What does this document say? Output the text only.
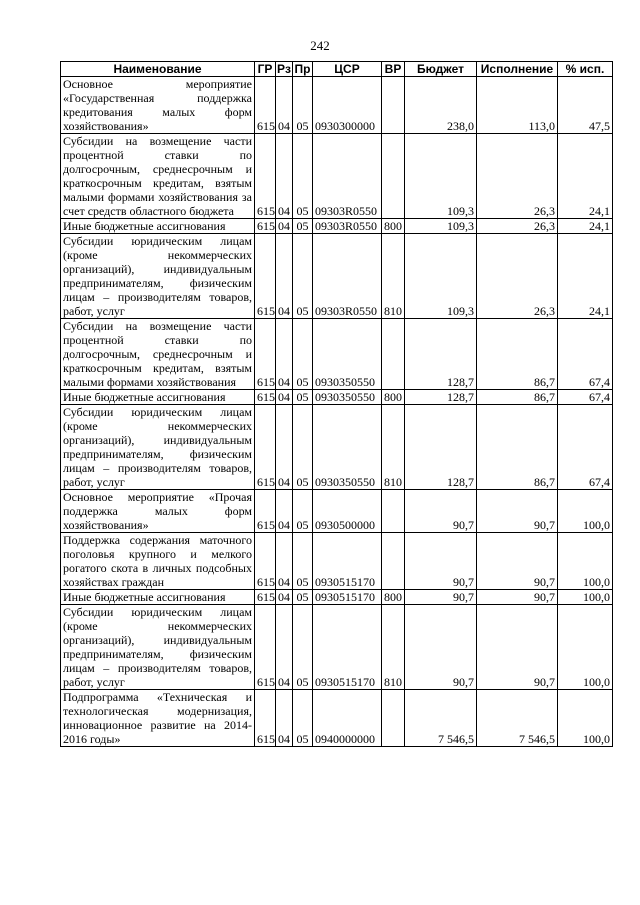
242
Наименование	ГР	Рз	Пр	ЦСР	ВР	Бюджет	Исполнение	% исп.
Основное мероприятие «Государственная поддержка кредитования малых форм хозяйствования»	615	04	05	0930300000		238,0	113,0	47,5
Субсидии на возмещение части процентной ставки по долгосрочным, среднесрочным и краткосрочным кредитам, взятым малыми формами хозяйствования за счет средств областного бюджета	615	04	05	09303R0550		109,3	26,3	24,1
Иные бюджетные ассигнования	615	04	05	09303R0550	800	109,3	26,3	24,1
Субсидии юридическим лицам (кроме некоммерческих организаций), индивидуальным предпринимателям, физическим лицам – производителям товаров, работ, услуг	615	04	05	09303R0550	810	109,3	26,3	24,1
Субсидии на возмещение части процентной ставки по долгосрочным, среднесрочным и краткосрочным кредитам, взятым малыми формами хозяйствования	615	04	05	0930350550		128,7	86,7	67,4
Иные бюджетные ассигнования	615	04	05	0930350550	800	128,7	86,7	67,4
Субсидии юридическим лицам (кроме некоммерческих организаций), индивидуальным предпринимателям, физическим лицам – производителям товаров, работ, услуг	615	04	05	0930350550	810	128,7	86,7	67,4
Основное мероприятие «Прочая поддержка малых форм хозяйствования»	615	04	05	0930500000		90,7	90,7	100,0
Поддержка содержания маточного поголовья крупного и мелкого рогатого скота в личных подсобных хозяйствах граждан	615	04	05	0930515170		90,7	90,7	100,0
Иные бюджетные ассигнования	615	04	05	0930515170	800	90,7	90,7	100,0
Субсидии юридическим лицам (кроме некоммерческих организаций), индивидуальным предпринимателям, физическим лицам – производителям товаров, работ, услуг	615	04	05	0930515170	810	90,7	90,7	100,0
Подпрограмма «Техническая и технологическая модернизация, инновационное развитие на 2014-2016 годы»	615	04	05	0940000000		7 546,5	7 546,5	100,0
